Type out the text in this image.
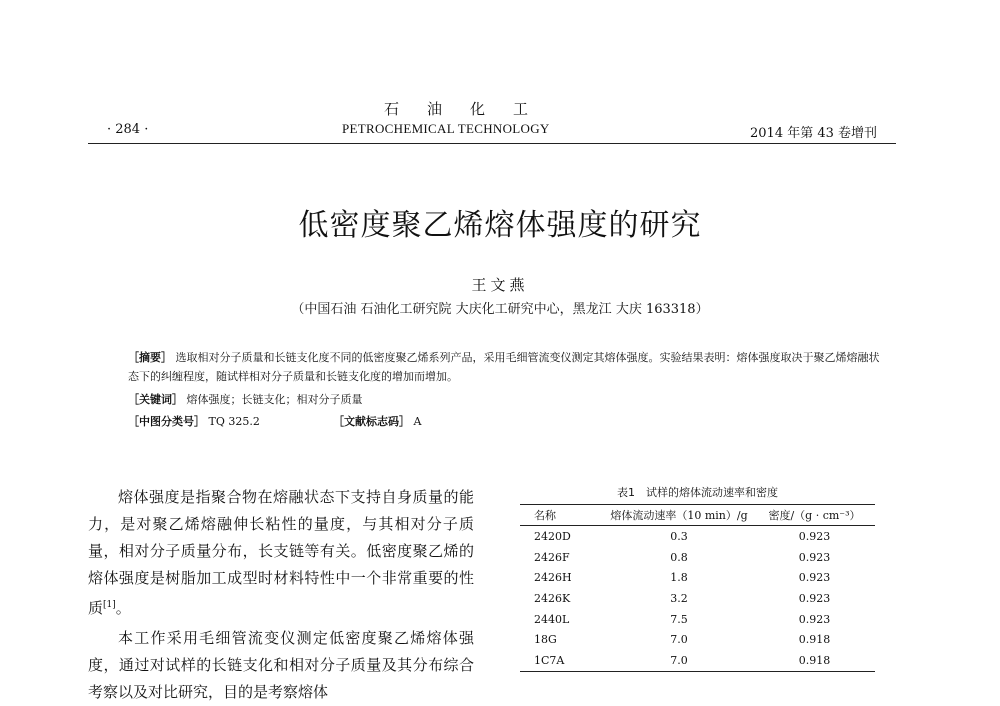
石油化工
· 284 ·	PETROCHEMICAL TECHNOLOGY	2014 年第 43 卷增刊
低密度聚乙烯熔体强度的研究
王文燕
（中国石油 石油化工研究院 大庆化工研究中心，黑龙江 大庆 163318）
［摘要］ 选取相对分子质量和长链支化度不同的低密度聚乙烯系列产品，采用毛细管流变仪测定其熔体强度。实验结果表明：熔体强度取决于聚乙烯熔融状态下的纠缠程度，随试样相对分子质量和长链支化度的增加而增加。
［关键词］ 熔体强度；长链支化；相对分子质量
［中图分类号］ TQ 325.2	［文献标志码］ A

熔体强度是指聚合物在熔融状态下支持自身质量的能力，是对聚乙烯熔融伸长粘性的量度，与其相对分子质量，相对分子质量分布，长支链等有关。低密度聚乙烯的熔体强度是树脂加工成型时材料特性中一个非常重要的性质[1]。

本工作采用毛细管流变仪测定低密度聚乙烯熔体强度，通过对试样的长链支化和相对分子质量及其分布综合考察以及对比研究，目的是考察熔体

表1　试样的熔体流动速率和密度
名称	熔体流动速率（10 min）/g	密度/（g · cm⁻³）
2420D	0.3	0.923
2426F	0.8	0.923
2426H	1.8	0.923
2426K	3.2	0.923
2440L	7.5	0.923
18G	7.0	0.918
1C7A	7.0	0.918
